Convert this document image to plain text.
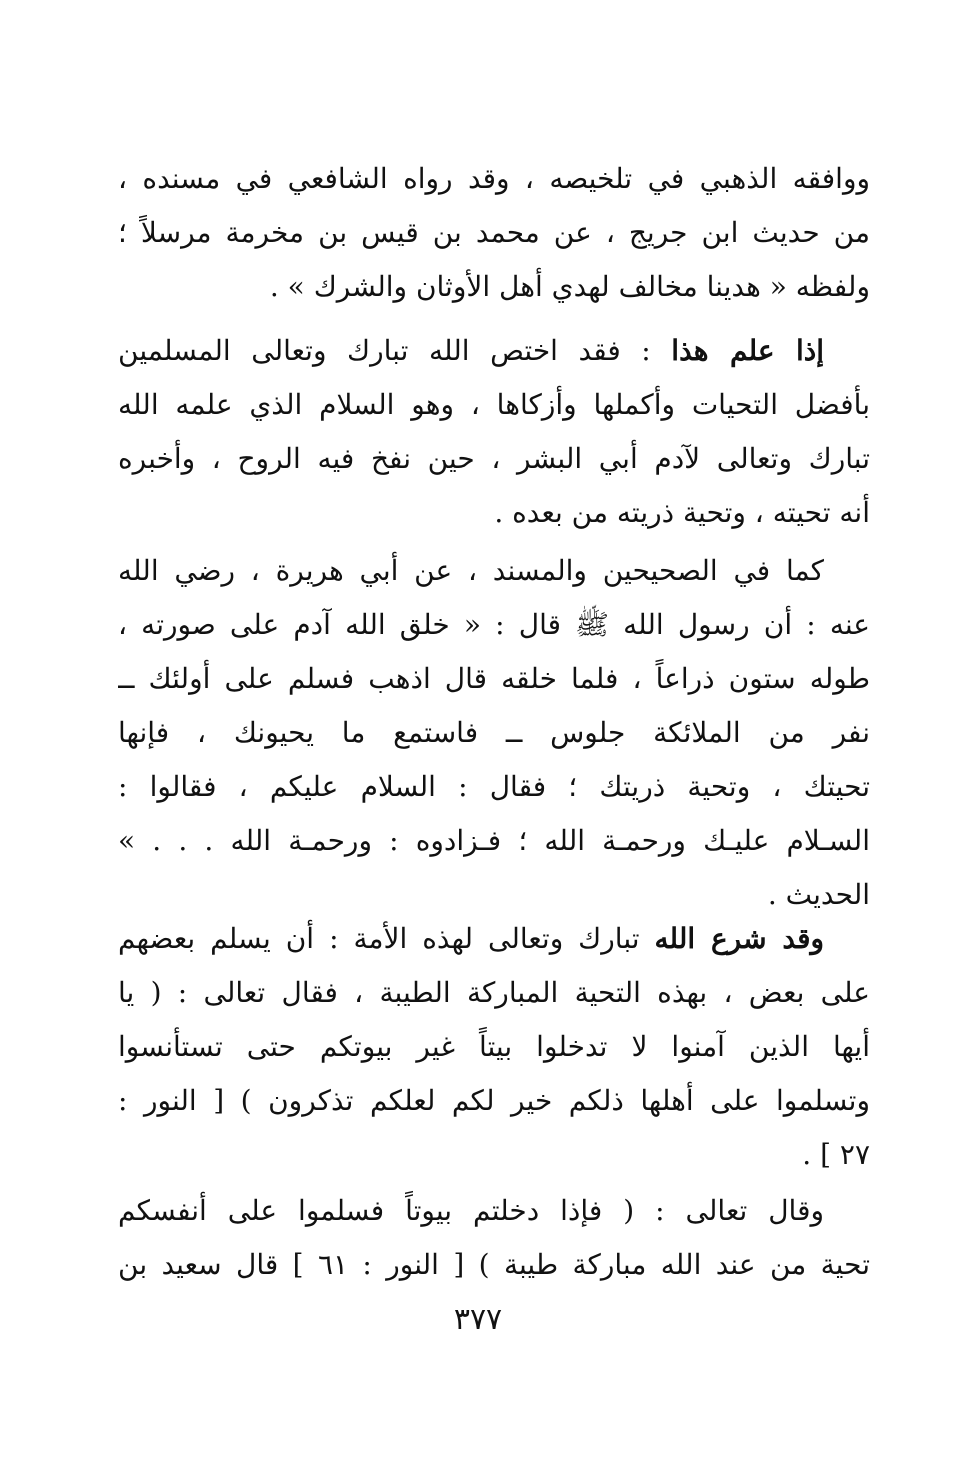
ووافقه الذهبي في تلخيصه ، وقد رواه الشافعي في مسنده ،
من حديث ابن جريج ، عن محمد بن قيس بن مخرمة مرسلاً ؛
ولفظه « هدينا مخالف لهدي أهل الأوثان والشرك » .
إذا علم هذا : فقد اختص الله تبارك وتعالى المسلمين
بأفضل التحيات وأكملها وأزكاها ، وهو السلام الذي علمه الله
تبارك وتعالى لآدم أبي البشر ، حين نفخ فيه الروح ، وأخبره
أنه تحيته ، وتحية ذريته من بعده .
كما في الصحيحين والمسند ، عن أبي هريرة ، رضي الله
عنه : أن رسول الله ﷺ قال : « خلق الله آدم على صورته ،
طوله ستون ذراعاً ، فلما خلقه قال اذهب فسلم على أولئك ــ
نفر من الملائكة جلوس ــ فاستمع ما يحيونك ، فإنها
تحيتك ، وتحية ذريتك ؛ فقال : السلام عليكم ، فقالوا :
السـلام عليـك ورحمـة الله ؛ فـزادوه : ورحمـة الله . . . »
الحديث .
وقد شرع الله تبارك وتعالى لهذه الأمة : أن يسلم بعضهم
على بعض ، بهذه التحية المباركة الطيبة ، فقال تعالى : ( يا
أيها الذين آمنوا لا تدخلوا بيتاً غير بيوتكم حتى تستأنسوا
وتسلموا على أهلها ذلكم خير لكم لعلكم تذكرون ) [ النور :
٢٧ ] .
وقال تعالى : ( فإذا دخلتم بيوتاً فسلموا على أنفسكم
تحية من عند الله مباركة طيبة ) [ النور : ٦١ ] قال سعيد بن
٣٧٧
